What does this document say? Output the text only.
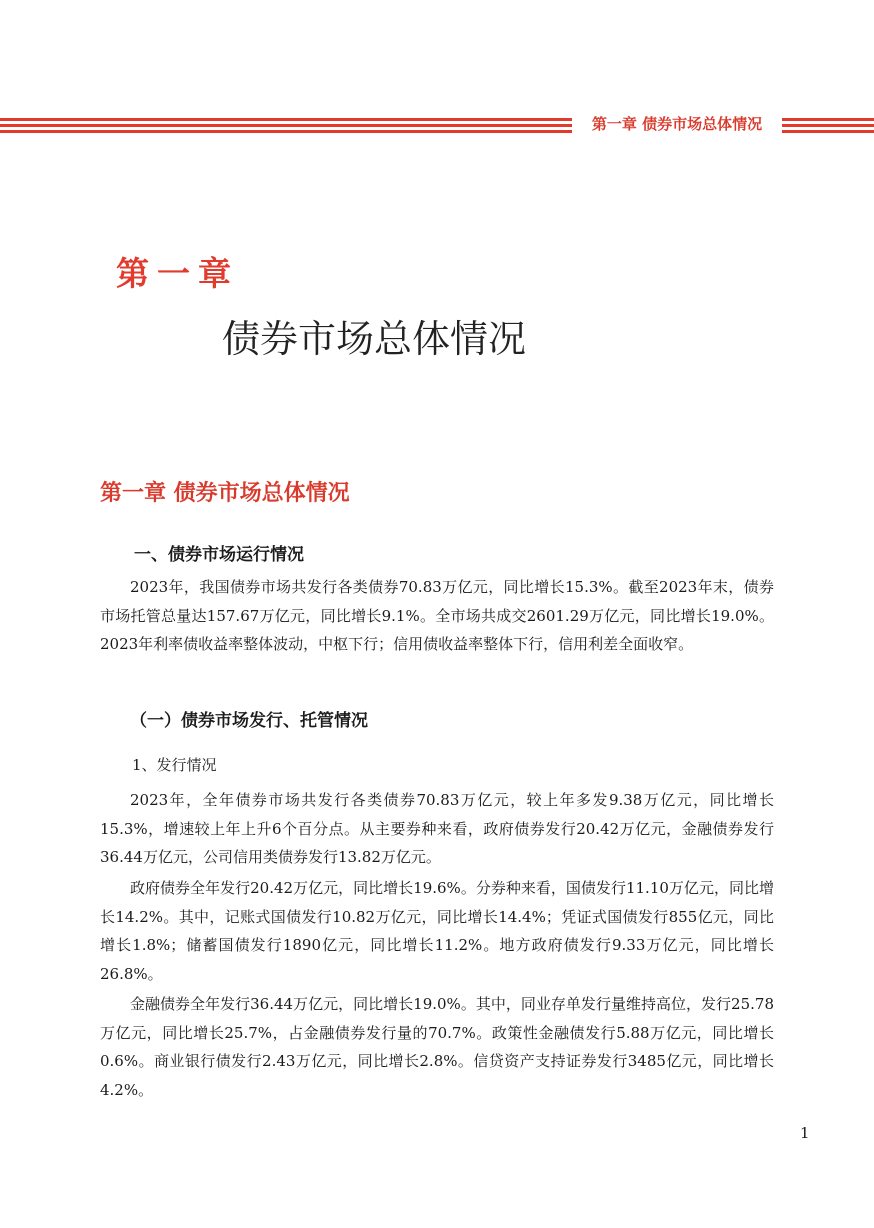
第一章 债券市场总体情况
第一章
债券市场总体情况
第一章 债券市场总体情况
一、债券市场运行情况

2023年，我国债券市场共发行各类债券70.83万亿元，同比增长15.3%。截至2023年末，债券市场托管总量达157.67万亿元，同比增长9.1%。全市场共成交2601.29万亿元，同比增长19.0%。2023年利率债收益率整体波动，中枢下行；信用债收益率整体下行，信用利差全面收窄。

（一）债券市场发行、托管情况
1、发行情况

2023年，全年债券市场共发行各类债券70.83万亿元，较上年多发9.38万亿元，同比增长15.3%，增速较上年上升6个百分点。从主要券种来看，政府债券发行20.42万亿元，金融债券发行36.44万亿元，公司信用类债券发行13.82万亿元。

政府债券全年发行20.42万亿元，同比增长19.6%。分券种来看，国债发行11.10万亿元，同比增长14.2%。其中，记账式国债发行10.82万亿元，同比增长14.4%；凭证式国债发行855亿元，同比增长1.8%；储蓄国债发行1890亿元，同比增长11.2%。地方政府债发行9.33万亿元，同比增长26.8%。

金融债券全年发行36.44万亿元，同比增长19.0%。其中，同业存单发行量维持高位，发行25.78万亿元，同比增长25.7%，占金融债券发行量的70.7%。政策性金融债发行5.88万亿元，同比增长0.6%。商业银行债发行2.43万亿元，同比增长2.8%。信贷资产支持证券发行3485亿元，同比增长4.2%。

1
